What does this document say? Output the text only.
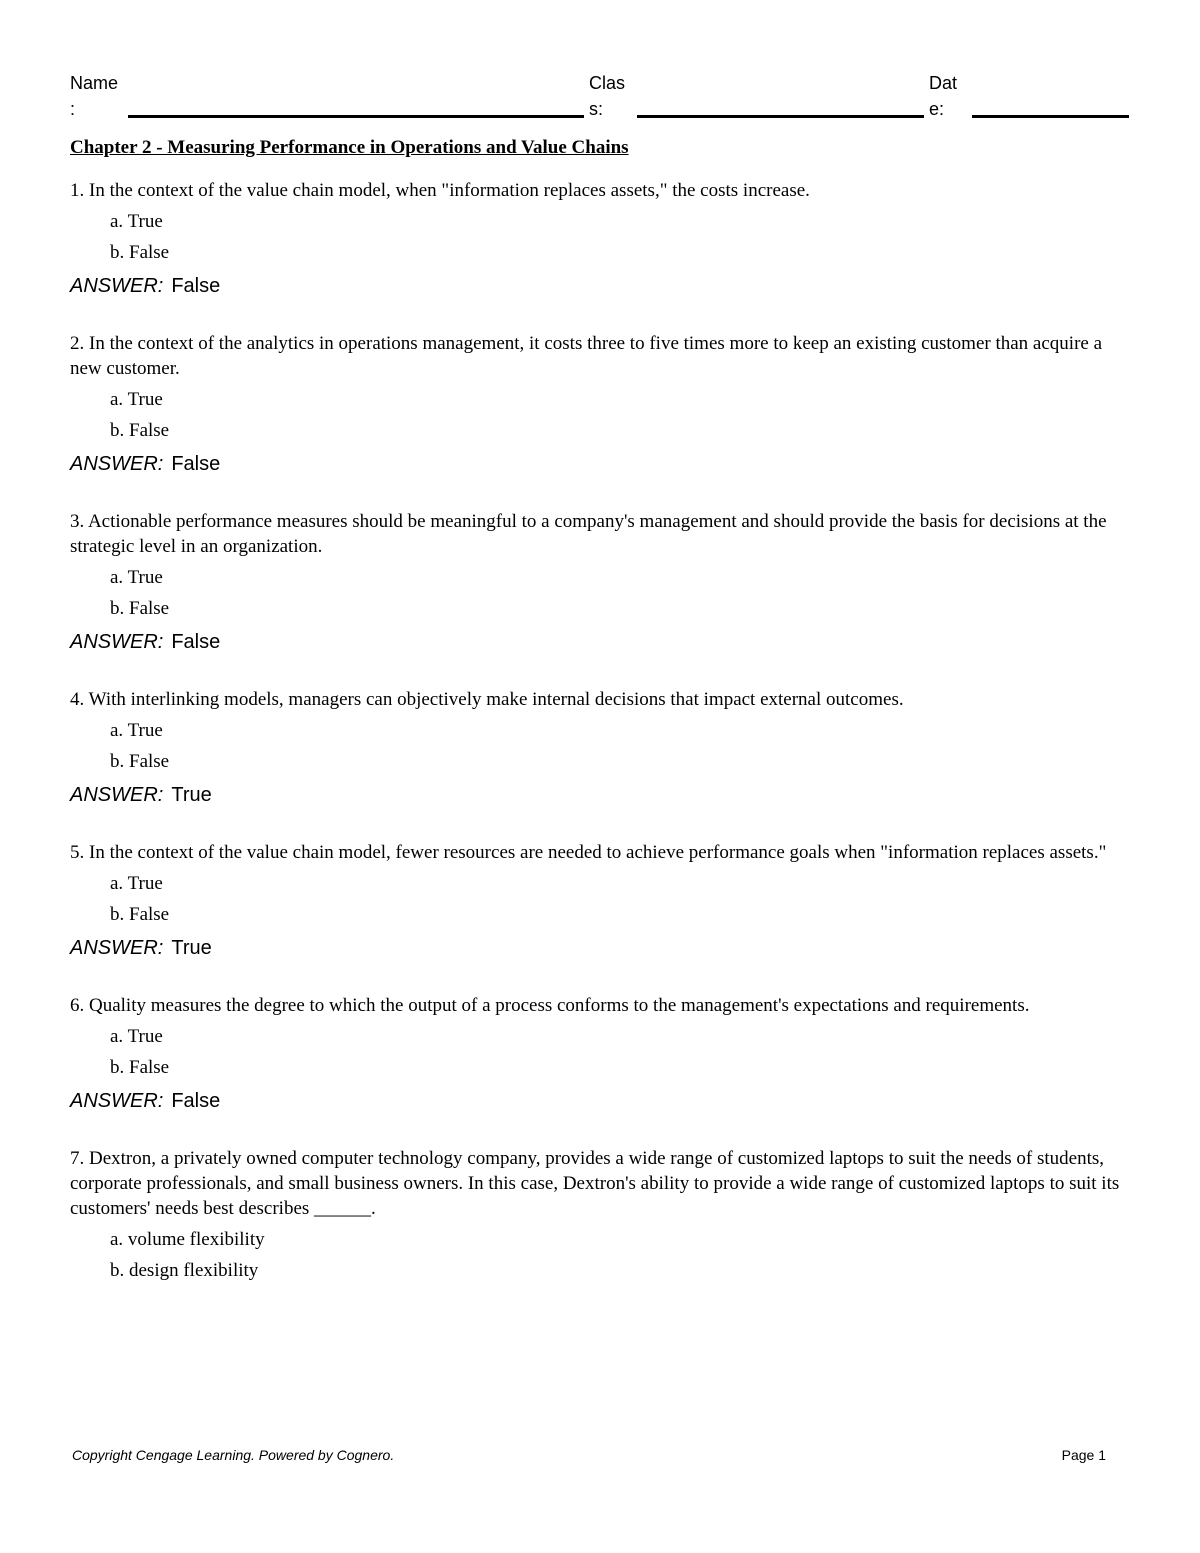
Name
:
Clas
s:
Dat
e:
Chapter 2 - Measuring Performance in Operations and Value Chains
1. In the context of the value chain model, when "information replaces assets," the costs increase.
a. True
b. False
ANSWER: False
2. In the context of the analytics in operations management, it costs three to five times more to keep an existing customer than acquire a new customer.
a. True
b. False
ANSWER: False
3. Actionable performance measures should be meaningful to a company's management and should provide the basis for decisions at the strategic level in an organization.
a. True
b. False
ANSWER: False
4. With interlinking models, managers can objectively make internal decisions that impact external outcomes.
a. True
b. False
ANSWER: True
5. In the context of the value chain model, fewer resources are needed to achieve performance goals when "information replaces assets."
a. True
b. False
ANSWER: True
6. Quality measures the degree to which the output of a process conforms to the management's expectations and requirements.
a. True
b. False
ANSWER: False
7. Dextron, a privately owned computer technology company, provides a wide range of customized laptops to suit the needs of students, corporate professionals, and small business owners. In this case, Dextron's ability to provide a wide range of customized laptops to suit its customers' needs best describes ______.
a. volume flexibility
b. design flexibility
Copyright Cengage Learning. Powered by Cognero.	Page 1
